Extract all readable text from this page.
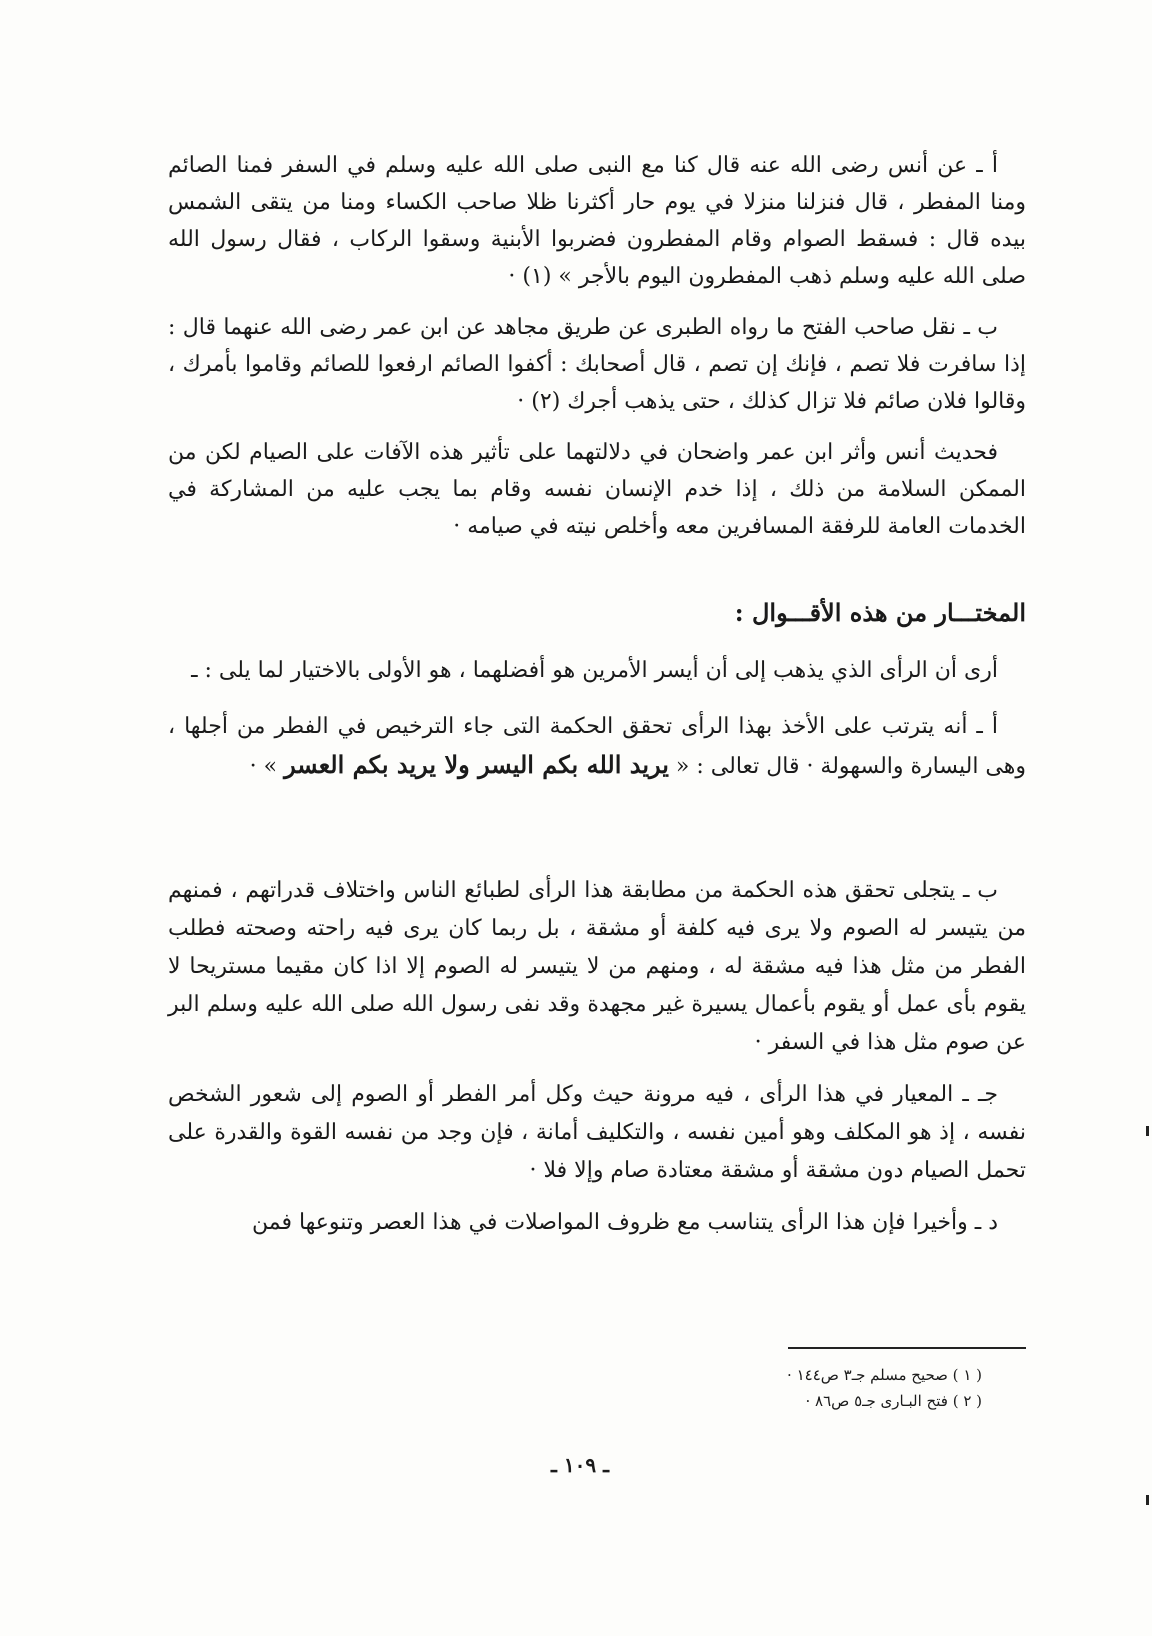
أ ـ عن أنس رضى الله عنه قال كنا مع النبى صلى الله عليه وسلم في السفر فمنا الصائم ومنا المفطر ، قال فنزلنا منزلا في يوم حار أكثرنا ظلا صاحب الكساء ومنا من يتقى الشمس بيده قال : فسقط الصوام وقام المفطرون فضربوا الأبنية وسقوا الركاب ، فقال رسول الله صلى الله عليه وسلم ذهب المفطرون اليوم بالأجر » (١) ·

ب ـ نقل صاحب الفتح ما رواه الطبرى عن طريق مجاهد عن ابن عمر رضى الله عنهما قال : إذا سافرت فلا تصم ، فإنك إن تصم ، قال أصحابك : أكفوا الصائم ارفعوا للصائم وقاموا بأمرك ، وقالوا فلان صائم فلا تزال كذلك ، حتى يذهب أجرك (٢) ·

فحديث أنس وأثر ابن عمر واضحان في دلالتهما على تأثير هذه الآفات على الصيام لكن من الممكن السلامة من ذلك ، إذا خدم الإنسان نفسه وقام بما يجب عليه من المشاركة في الخدمات العامة للرفقة المسافرين معه وأخلص نيته في صيامه ·

المختـــار من هذه الأقـــوال :

أرى أن الرأى الذي يذهب إلى أن أيسر الأمرين هو أفضلهما ، هو الأولى بالاختيار لما يلى : ـ

أ ـ أنه يترتب على الأخذ بهذا الرأى تحقق الحكمة التى جاء الترخيص في الفطر من أجلها ، وهى اليسارة والسهولة · قال تعالى : « يريد الله بكم اليسر ولا يريد بكم العسر » ·

ب ـ يتجلى تحقق هذه الحكمة من مطابقة هذا الرأى لطبائع الناس واختلاف قدراتهم ، فمنهم من يتيسر له الصوم ولا يرى فيه كلفة أو مشقة ، بل ربما كان يرى فيه راحته وصحته فطلب الفطر من مثل هذا فيه مشقة له ، ومنهم من لا يتيسر له الصوم إلا اذا كان مقيما مستريحا لا يقوم بأى عمل أو يقوم بأعمال يسيرة غير مجهدة وقد نفى رسول الله صلى الله عليه وسلم البر عن صوم مثل هذا في السفر ·

جـ ـ المعيار في هذا الرأى ، فيه مرونة حيث وكل أمر الفطر أو الصوم إلى شعور الشخص نفسه ، إذ هو المكلف وهو أمين نفسه ، والتكليف أمانة ، فإن وجد من نفسه القوة والقدرة على تحمل الصيام دون مشقة أو مشقة معتادة صام وإلا فلا ·

د ـ وأخيرا فإن هذا الرأى يتناسب مع ظروف المواصلات في هذا العصر وتنوعها فمن

( ١ ) صحيح مسلم جـ٣ ص١٤٤ ·

( ٢ ) فتح البـارى جـ٥ ص٨٦ ·

ـ ١٠٩ ـ
